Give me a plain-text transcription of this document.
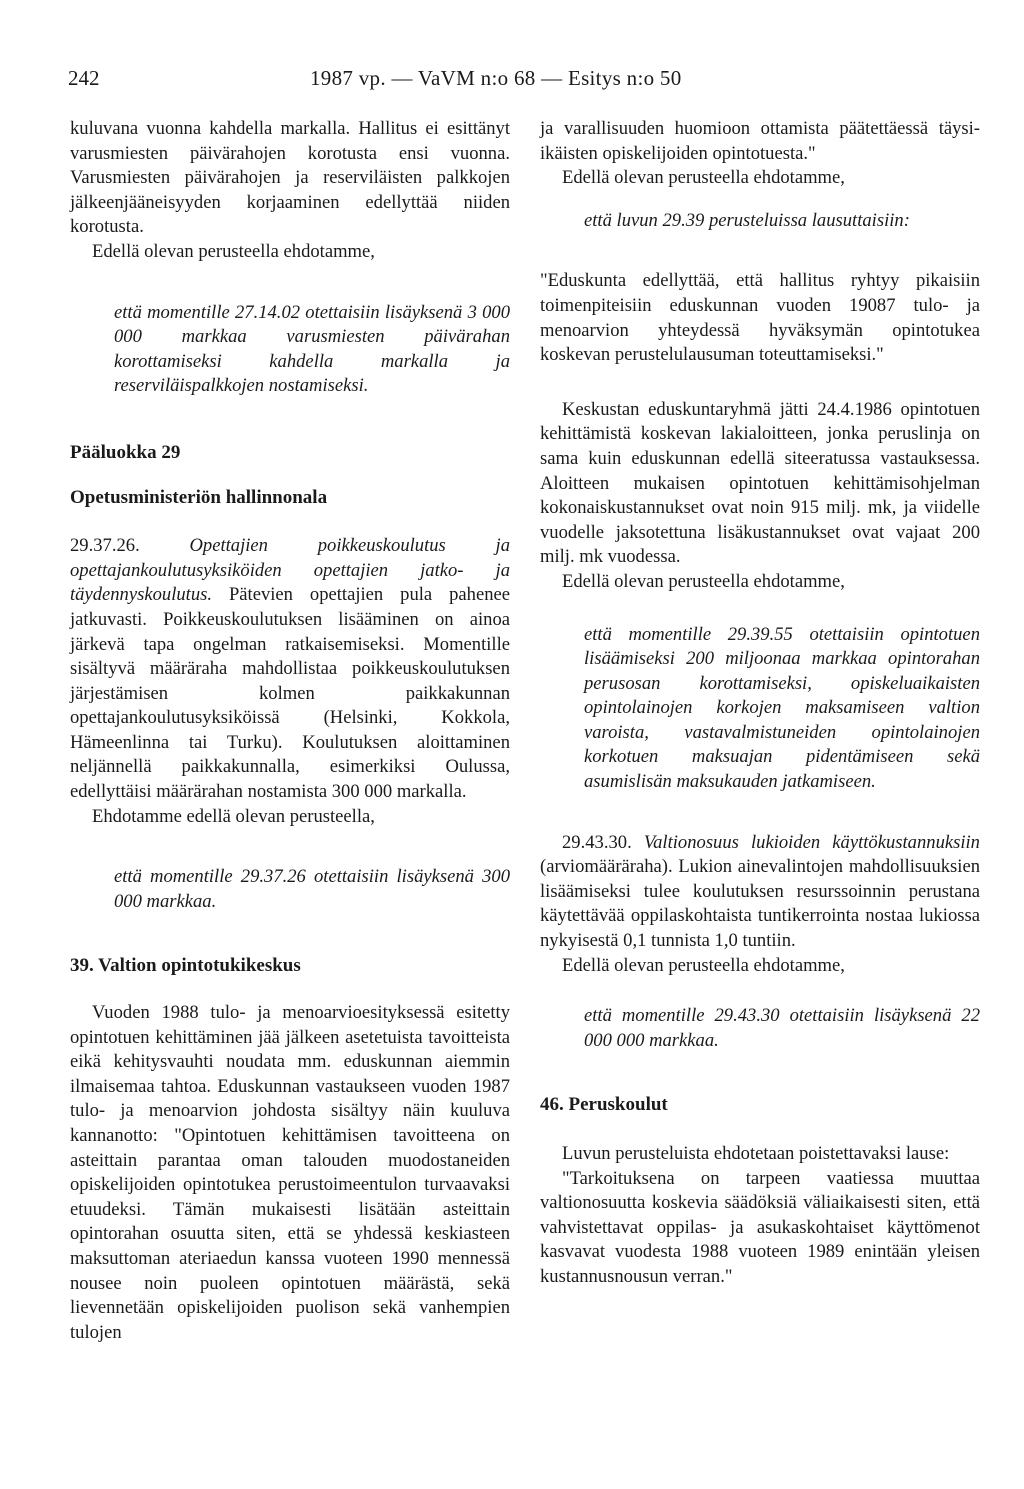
242	1987 vp. — VaVM n:o 68 — Esitys n:o 50

kuluvana vuonna kahdella markalla. Hallitus ei esittänyt varusmiesten päivärahojen korotusta ensi vuonna. Varusmiesten päivärahojen ja reserviläisten palkkojen jälkeenjääneisyyden korjaaminen edellyttää niiden korotusta.

Edellä olevan perusteella ehdotamme,

että momentille 27.14.02 otettaisiin lisäyksenä 3 000 000 markkaa varusmiesten päivärahan korottamiseksi kahdella markalla ja reserviläispalkkojen nostamiseksi.

Pääluokka 29

Opetusministeriön hallinnonala

29.37.26.	Opettajien poikkeuskoulutus ja opettajankoulutusyksiköiden opettajien jatko- ja täydennyskoulutus. Pätevien opettajien pula pahenee jatkuvasti. Poikkeuskoulutuksen lisääminen on ainoa järkevä tapa ongelman ratkaisemiseksi. Momentille sisältyvä määräraha mahdollistaa poikkeuskoulutuksen järjestämisen kolmen paikkakunnan opettajankoulutusyksiköissä (Helsinki, Kokkola, Hämeenlinna tai Turku). Koulutuksen aloittaminen neljännellä paikkakunnalla, esimerkiksi Oulussa, edellyttäisi määrärahan nostamista 300 000 markalla.

Ehdotamme edellä olevan perusteella,

että momentille 29.37.26 otettaisiin lisäyksenä 300 000 markkaa.

39. Valtion opintotukikeskus

Vuoden 1988 tulo- ja menoarvioesityksessä esitetty opintotuen kehittäminen jää jälkeen asetetuista tavoitteista eikä kehitysvauhti noudata mm. eduskunnan aiemmin ilmaisemaa tahtoa. Eduskunnan vastaukseen vuoden 1987 tulo- ja menoarvion johdosta sisältyy näin kuuluva kannanotto: "Opintotuen kehittämisen tavoitteena on asteittain parantaa oman talouden muodostaneiden opiskelijoiden opintotukea perustoimeentulon turvaavaksi etuudeksi. Tämän mukaisesti lisätään asteittain opintorahan osuutta siten, että se yhdessä keskiasteen maksuttoman ateriaedun kanssa vuoteen 1990 mennessä nousee noin puoleen opintotuen määrästä, sekä lievennetään opiskelijoiden puolison sekä vanhempien tulojen

ja varallisuuden huomioon ottamista päätettäessä täysi-ikäisten opiskelijoiden opintotuesta."

Edellä olevan perusteella ehdotamme,

että luvun 29.39 perusteluissa lausuttaisiin:

"Eduskunta edellyttää, että hallitus ryhtyy pikaisiin toimenpiteisiin eduskunnan vuoden 19087 tulo- ja menoarvion yhteydessä hyväksymän opintotukea koskevan perustelulausuman toteuttamiseksi."

Keskustan eduskuntaryhmä jätti 24.4.1986 opintotuen kehittämistä koskevan lakialoitteen, jonka peruslinja on sama kuin eduskunnan edellä siteeratussa vastauksessa. Aloitteen mukaisen opintotuen kehittämisohjelman kokonaiskustannukset ovat noin 915 milj. mk, ja viidelle vuodelle jaksotettuna lisäkustannukset ovat vajaat 200 milj. mk vuodessa.

Edellä olevan perusteella ehdotamme,

että momentille 29.39.55 otettaisiin opintotuen lisäämiseksi 200 miljoonaa markkaa opintorahan perusosan korottamiseksi, opiskeluaikaisten opintolainojen korkojen maksamiseen valtion varoista, vastavalmistuneiden opintolainojen korkotuen maksuajan pidentämiseen sekä asumislisän maksukauden jatkamiseen.

29.43.30. Valtionosuus lukioiden käyttökustannuksiin (arviomääräraha). Lukion ainevalintojen mahdollisuuksien lisäämiseksi tulee koulutuksen resurssoinnin perustana käytettävää oppilaskohtaista tuntikerrointa nostaa lukiossa nykyisestä 0,1 tunnista 1,0 tuntiin.

Edellä olevan perusteella ehdotamme,

että momentille 29.43.30 otettaisiin lisäyksenä 22 000 000 markkaa.

46. Peruskoulut

Luvun perusteluista ehdotetaan poistettavaksi lause:

"Tarkoituksena on tarpeen vaatiessa muuttaa valtionosuutta koskevia säädöksiä väliaikaisesti siten, että vahvistettavat oppilas- ja asukaskohtaiset käyttömenot kasvavat vuodesta 1988 vuoteen 1989 enintään yleisen kustannusnousun verran."
